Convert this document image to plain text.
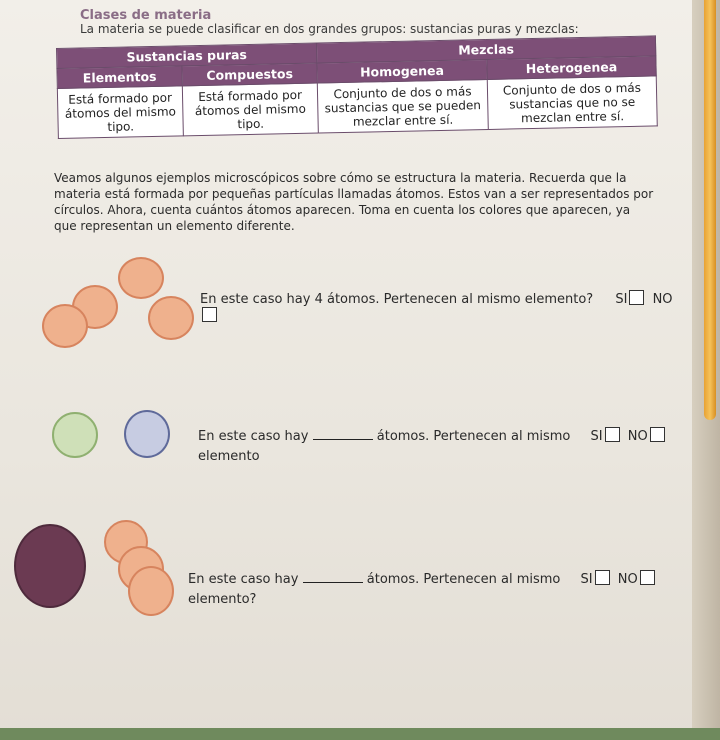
Clases de materia
La materia se puede clasificar en dos grandes grupos: sustancias puras y mezclas:
Sustancias puras		Mezclas	
Elementos	Compuestos	Homogenea	Heterogenea
Está formado por átomos del mismo tipo.	Está formado por átomos del mismo tipo.	Conjunto de dos o más sustancias que se pueden mezclar entre sí.	Conjunto de dos o más sustancias que no se mezclan entre sí.
Veamos algunos ejemplos microscópicos sobre cómo se estructura la materia. Recuerda que la materia está formada por pequeñas partículas llamadas átomos. Estos van a ser representados por círculos. Ahora, cuenta cuántos átomos aparecen. Toma en cuenta los colores que aparecen, ya que representan un elemento diferente.
En este caso hay 4 átomos. Pertenecen al mismo elemento? SI NO
En este caso hay	átomos. Pertenecen al mismo SI NO
elemento
En este caso hay	átomos. Pertenecen al mismo SI NO
elemento?
